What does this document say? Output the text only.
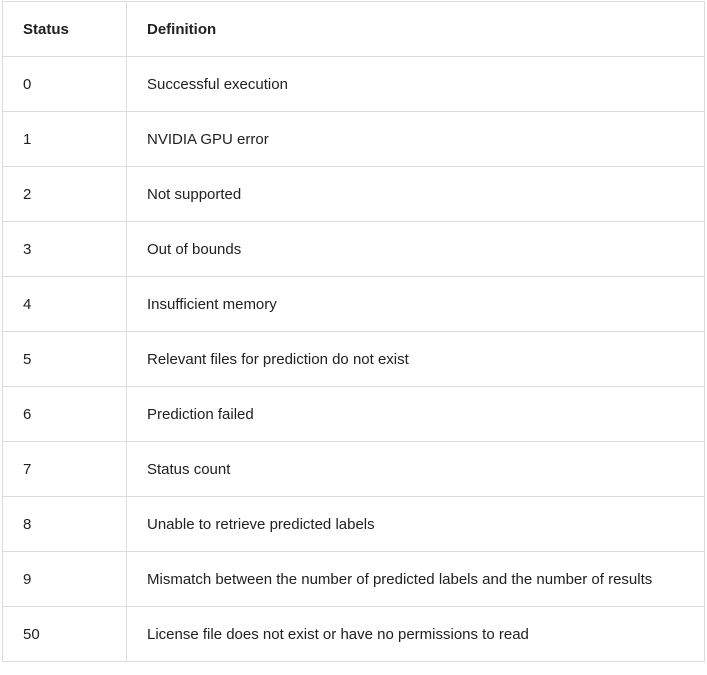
Status	Definition
0	Successful execution
1	NVIDIA GPU error
2	Not supported
3	Out of bounds
4	Insufficient memory
5	Relevant files for prediction do not exist
6	Prediction failed
7	Status count
8	Unable to retrieve predicted labels
9	Mismatch between the number of predicted labels and the number of results
50	License file does not exist or have no permissions to read
